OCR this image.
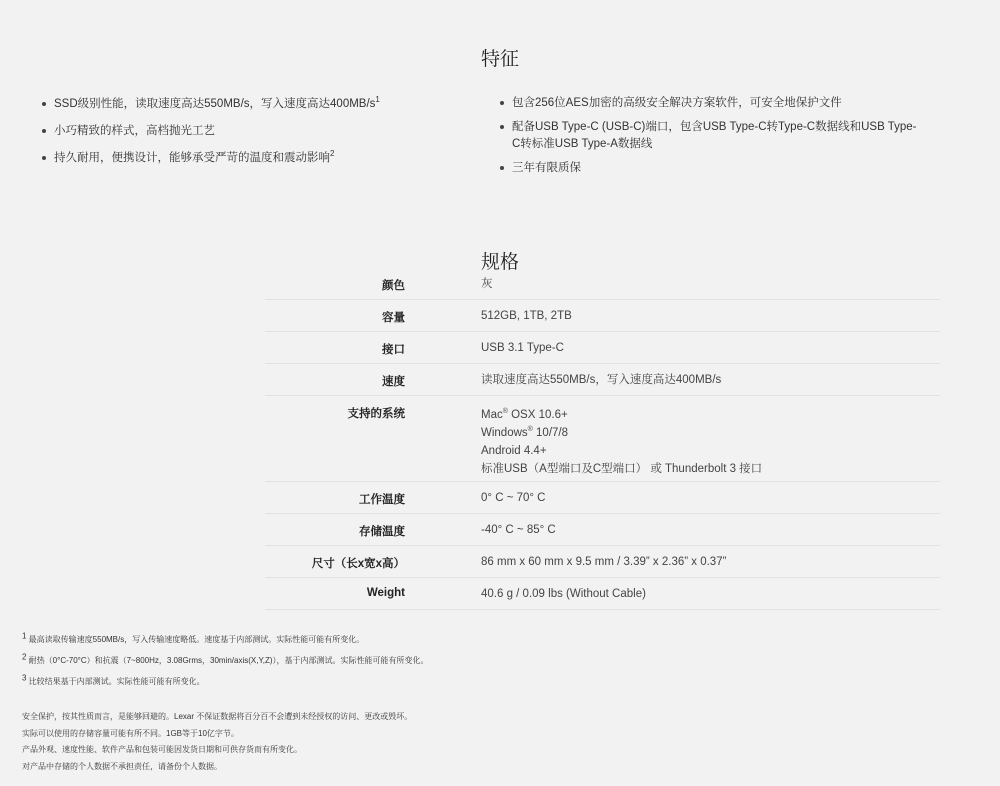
特征
SSD级别性能，读取速度高达550MB/s，写入速度高达$400MB/s^1$
小巧精致的样式，高档抛光工艺
持久耐用，便携设计，能够承受严苛的温度和震动影响$^2$
包含256位AES加密的高级安全解决方案软件，可安全地保护文件
配备USB Type-C (USB-C)端口，包含USB Type-C转Type-C数据线和USB Type-C转标准USB Type-A数据线
三年有限质保
规格
颜色	灰
容量	512GB, 1TB, 2TB
接口	USB 3.1 Type-C
速度	读取速度高达550MB/s，写入速度高达400MB/s
支持的系统	Mac® OSX 10.6+
Windows® 10/7/8
Android 4.4+
标准USB（A型端口及C型端口） 或 Thunderbolt 3 接口
工作温度	0° C ~ 70° C
存储温度	-40° C ~ 85° C
尺寸（长x宽x高）	86 mm x 60 mm x 9.5 mm / 3.39” x 2.36” x 0.37”
Weight	40.6 g / 0.09 lbs (Without Cable)

$^1$ 最高读取传输速度550MB/s，写入传输速度略低。速度基于内部测试。实际性能可能有所变化。

$^2$ 耐热（0°C-70°C）和抗震（7~800Hz，3.08Grms，30min/axis(X,Y,Z)），基于内部测试。实际性能可能有所变化。

$^3$ 比较结果基于内部测试。实际性能可能有所变化。

安全保护，按其性质而言，是能够回避的。Lexar 不保证数据将百分百不会遭到未经授权的访问、更改或毁坏。

实际可以使用的存储容量可能有所不同。1GB等于10亿字节。

产品外观、速度性能、软件产品和包装可能因发货日期和可供存货而有所变化。

对产品中存储的个人数据不承担责任，请备份个人数据。
